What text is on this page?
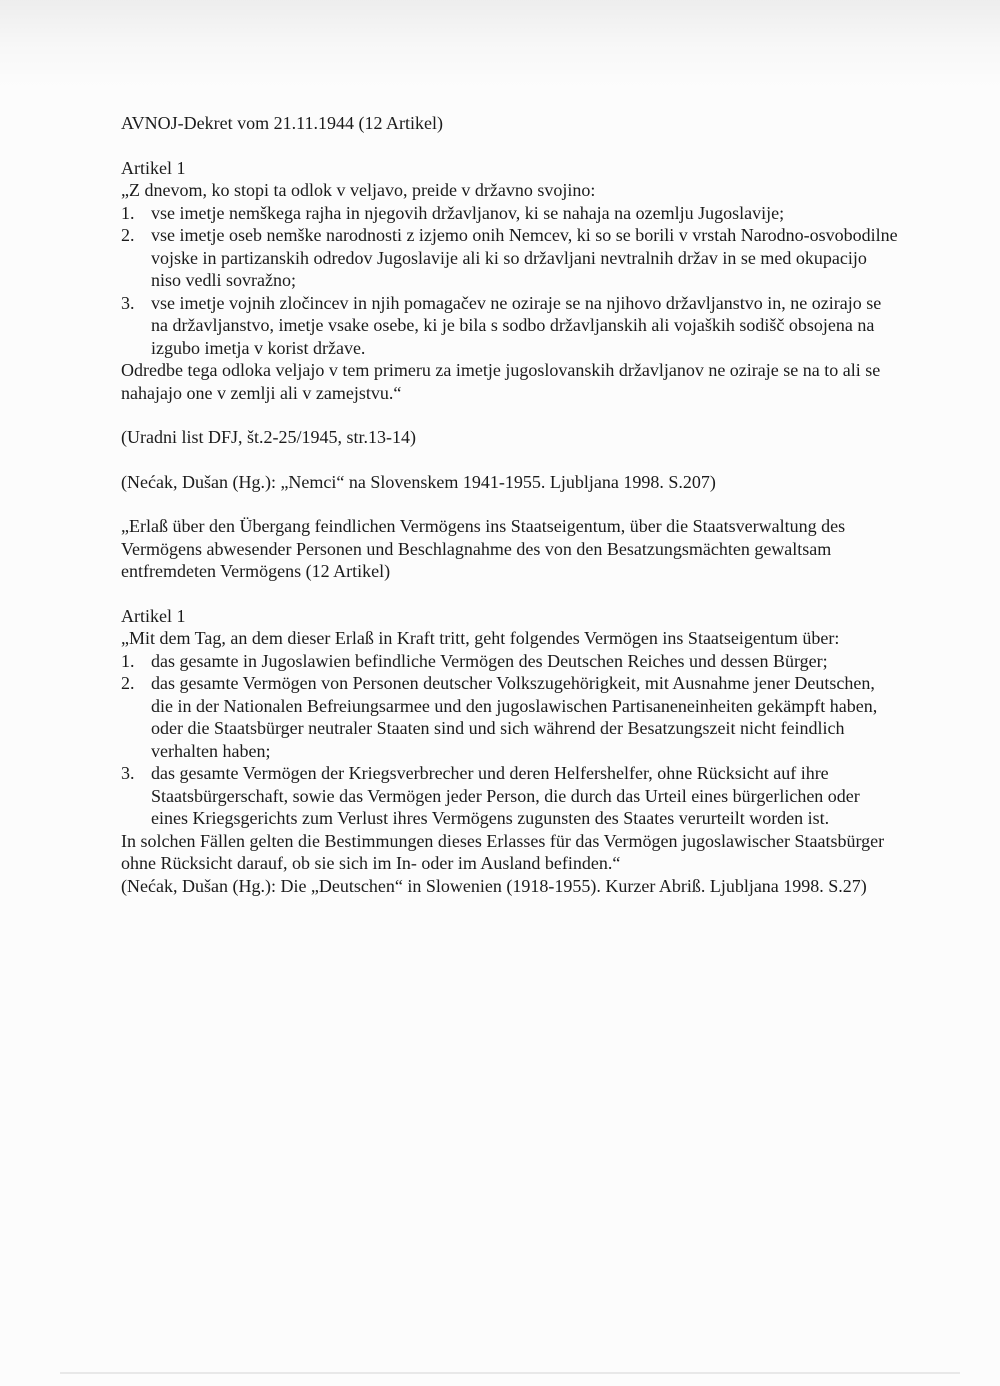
AVNOJ-Dekret vom 21.11.1944 (12 Artikel)

Artikel 1

„Z dnevom, ko stopi ta odlok v veljavo, preide v državno svojino:

1. vse imetje nemškega rajha in njegovih državljanov, ki se nahaja na ozemlju Jugoslavije;
2. vse imetje oseb nemške narodnosti z izjemo onih Nemcev, ki so se borili v vrstah Narodno-osvobodilne vojske in partizanskih odredov Jugoslavije ali ki so državljani nevtralnih držav in se med okupacijo niso vedli sovražno;
3. vse imetje vojnih zločincev in njih pomagačev ne oziraje se na njihovo državljanstvo in, ne ozirajo se na državljanstvo, imetje vsake osebe, ki je bila s sodbo državljanskih ali vojaških sodišč obsojena na izgubo imetja v korist države.

Odredbe tega odloka veljajo v tem primeru za imetje jugoslovanskih državljanov ne oziraje se na to ali se nahajajo one v zemlji ali v zamejstvu.“

(Uradni list DFJ, št.2-25/1945, str.13-14)

(Nećak, Dušan (Hg.): „Nemci“ na Slovenskem 1941-1955. Ljubljana 1998. S.207)

„Erlaß über den Übergang feindlichen Vermögens ins Staatseigentum, über die Staatsverwaltung des Vermögens abwesender Personen und Beschlagnahme des von den Besatzungsmächten gewaltsam entfremdeten Vermögens (12 Artikel)

Artikel 1

„Mit dem Tag, an dem dieser Erlaß in Kraft tritt, geht folgendes Vermögen ins Staatseigentum über:

1. das gesamte in Jugoslawien befindliche Vermögen des Deutschen Reiches und dessen Bürger;
2. das gesamte Vermögen von Personen deutscher Volkszugehörigkeit, mit Ausnahme jener Deutschen, die in der Nationalen Befreiungsarmee und den jugoslawischen Partisaneneinheiten gekämpft haben, oder die Staatsbürger neutraler Staaten sind und sich während der Besatzungszeit nicht feindlich verhalten haben;
3. das gesamte Vermögen der Kriegsverbrecher und deren Helfershelfer, ohne Rücksicht auf ihre Staatsbürgerschaft, sowie das Vermögen jeder Person, die durch das Urteil eines bürgerlichen oder eines Kriegsgerichts zum Verlust ihres Vermögens zugunsten des Staates verurteilt worden ist.

In solchen Fällen gelten die Bestimmungen dieses Erlasses für das Vermögen jugoslawischer Staatsbürger ohne Rücksicht darauf, ob sie sich im In- oder im Ausland befinden.“

(Nećak, Dušan (Hg.): Die „Deutschen“ in Slowenien (1918-1955). Kurzer Abriß. Ljubljana 1998. S.27)
